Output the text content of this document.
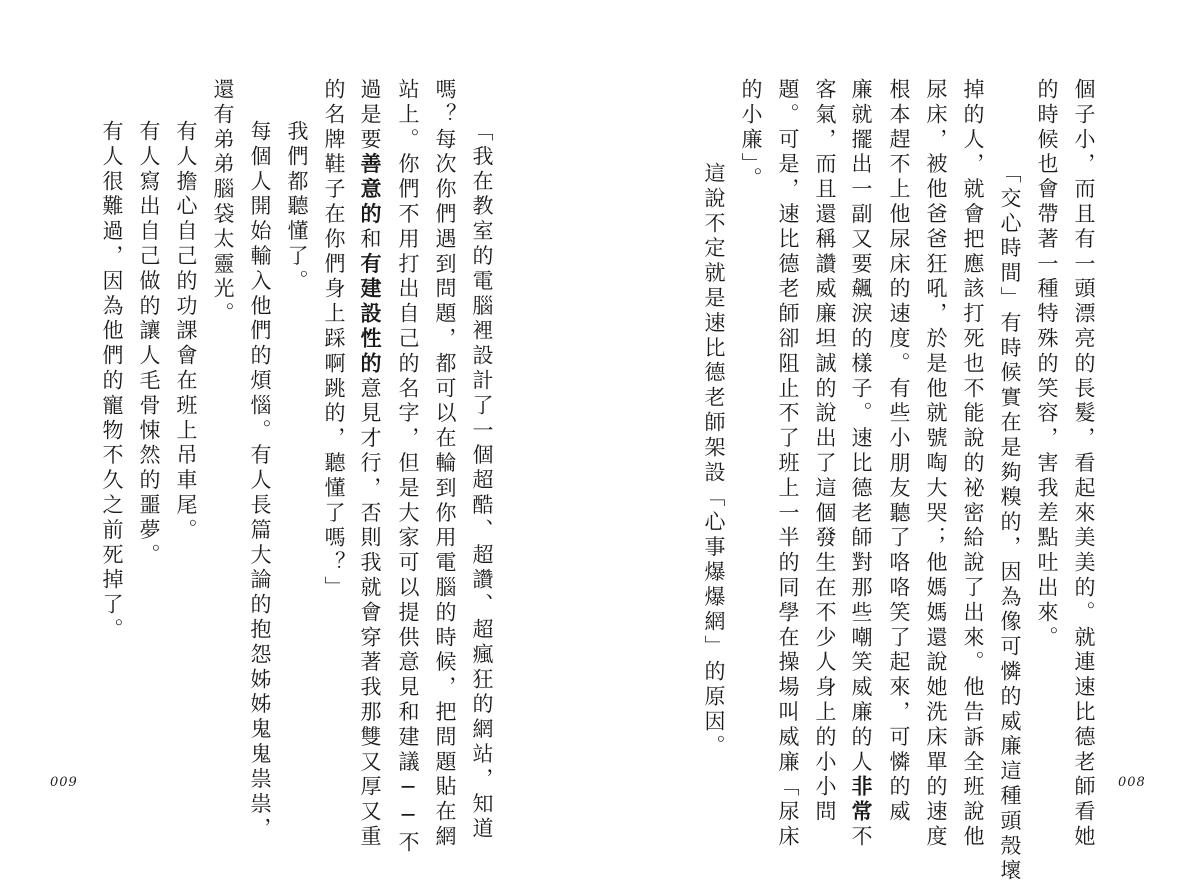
個子小，而且有一頭漂亮的長髮，看起來美美的。就連速比德老師看她
的時候也會帶著一種特殊的笑容，害我差點吐出來。
「交心時間」有時候實在是夠糗的，因為像可憐的威廉這種頭殼壞
掉的人，就會把應該打死也不能說的祕密給說了出來。他告訴全班說他
尿床，被他爸爸狂吼，於是他就號啕大哭；他媽媽還說她洗床單的速度
根本趕不上他尿床的速度。有些小朋友聽了咯咯笑了起來，可憐的威
廉就擺出一副又要飆淚的樣子。速比德老師對那些嘲笑威廉的人非常不
客氣，而且還稱讚威廉坦誠的說出了這個發生在不少人身上的小小問
題。可是，速比德老師卻阻止不了班上一半的同學在操場叫威廉「尿床
的小廉」。
這說不定就是速比德老師架設「心事爆爆網」的原因。
008
「我在教室的電腦裡設計了一個超酷、超讚、超瘋狂的網站，知道
嗎？每次你們遇到問題，都可以在輪到你用電腦的時候，把問題貼在網
站上。你們不用打出自己的名字，但是大家可以提供意見和建議──不
過是要善意的和有建設性的意見才行，否則我就會穿著我那雙又厚又重
的名牌鞋子在你們身上踩啊跳的，聽懂了嗎？」
我們都聽懂了。
每個人開始輸入他們的煩惱。有人長篇大論的抱怨姊姊鬼鬼祟祟，
還有弟弟腦袋太靈光。
有人擔心自己的功課會在班上吊車尾。
有人寫出自己做的讓人毛骨悚然的噩夢。
有人很難過，因為他們的寵物不久之前死掉了。
009
